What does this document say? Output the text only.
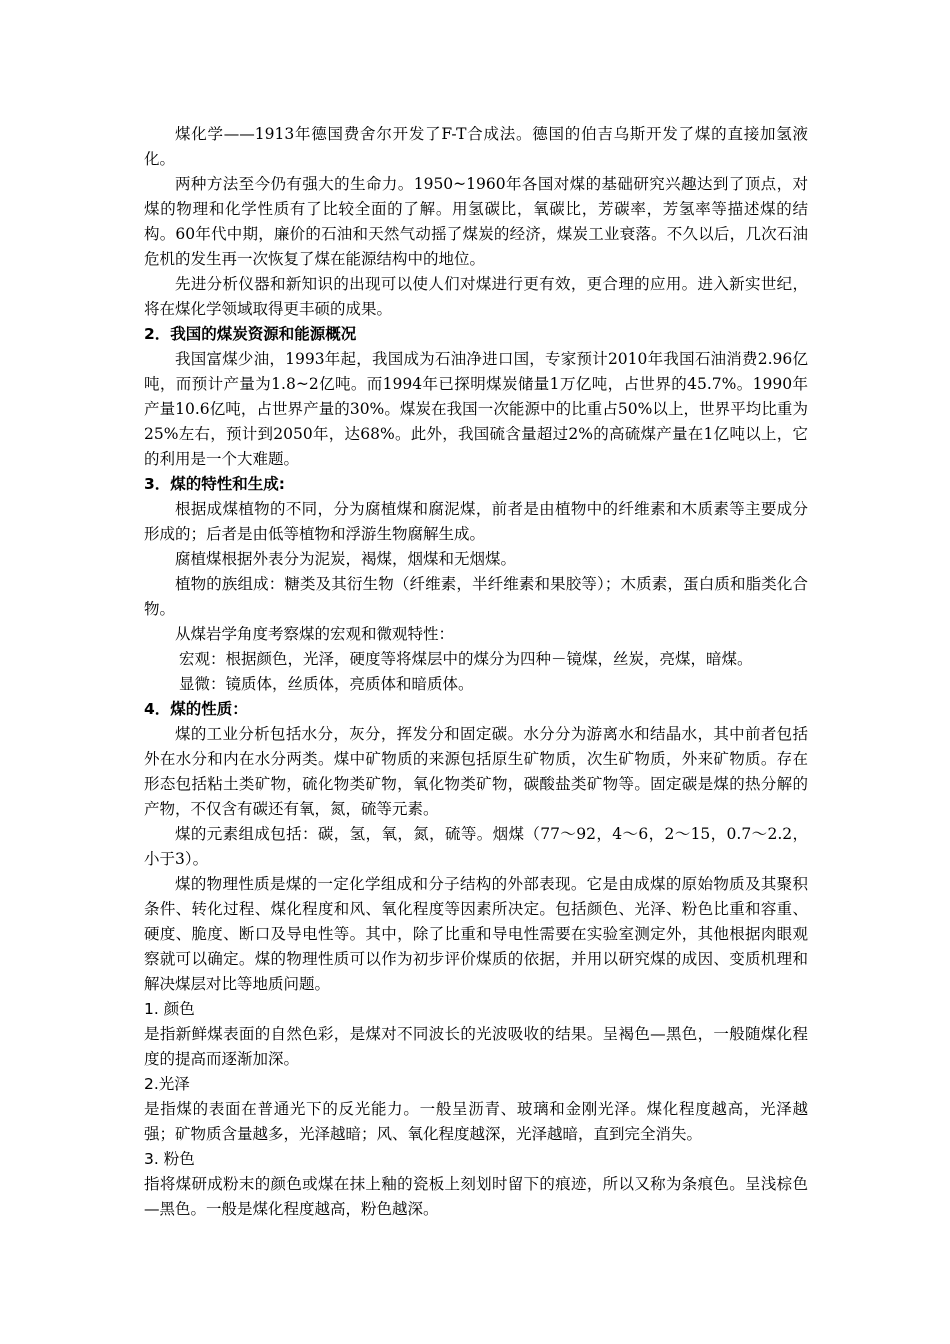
煤化学——1913年德国费舍尔开发了F-T合成法。德国的伯吉乌斯开发了煤的直接加氢液化。

两种方法至今仍有强大的生命力。1950~1960年各国对煤的基础研究兴趣达到了顶点，对煤的物理和化学性质有了比较全面的了解。用氢碳比，氧碳比，芳碳率，芳氢率等描述煤的结构。60年代中期，廉价的石油和天然气动摇了煤炭的经济，煤炭工业衰落。不久以后，几次石油危机的发生再一次恢复了煤在能源结构中的地位。

先进分析仪器和新知识的出现可以使人们对煤进行更有效，更合理的应用。进入新实世纪，将在煤化学领域取得更丰硕的成果。

2．我国的煤炭资源和能源概况

我国富煤少油，1993年起，我国成为石油净进口国，专家预计2010年我国石油消费2.96亿吨，而预计产量为1.8~2亿吨。而1994年已探明煤炭储量1万亿吨，占世界的45.7%。1990年产量10.6亿吨，占世界产量的30%。煤炭在我国一次能源中的比重占50%以上，世界平均比重为25%左右，预计到2050年，达68%。此外，我国硫含量超过2%的高硫煤产量在1亿吨以上，它的利用是一个大难题。

3．煤的特性和生成:

根据成煤植物的不同，分为腐植煤和腐泥煤，前者是由植物中的纤维素和木质素等主要成分形成的；后者是由低等植物和浮游生物腐解生成。

腐植煤根据外表分为泥炭，褐煤，烟煤和无烟煤。

植物的族组成：糖类及其衍生物（纤维素，半纤维素和果胶等）；木质素，蛋白质和脂类化合物。

从煤岩学角度考察煤的宏观和微观特性：

宏观：根据颜色，光泽，硬度等将煤层中的煤分为四种－镜煤，丝炭，亮煤，暗煤。

显微：镜质体，丝质体，亮质体和暗质体。

4．煤的性质：

煤的工业分析包括水分，灰分，挥发分和固定碳。水分分为游离水和结晶水，其中前者包括外在水分和内在水分两类。煤中矿物质的来源包括原生矿物质，次生矿物质，外来矿物质。存在形态包括粘土类矿物，硫化物类矿物，氧化物类矿物，碳酸盐类矿物等。固定碳是煤的热分解的产物，不仅含有碳还有氧，氮，硫等元素。

煤的元素组成包括：碳，氢，氧，氮，硫等。烟煤（77～92，4～6，2～15，0.7～2.2，小于3）。

煤的物理性质是煤的一定化学组成和分子结构的外部表现。它是由成煤的原始物质及其聚积条件、转化过程、煤化程度和风、氧化程度等因素所决定。包括颜色、光泽、粉色比重和容重、硬度、脆度、断口及导电性等。其中，除了比重和导电性需要在实验室测定外，其他根据肉眼观察就可以确定。煤的物理性质可以作为初步评价煤质的依据，并用以研究煤的成因、变质机理和解决煤层对比等地质问题。

1. 颜色

是指新鲜煤表面的自然色彩，是煤对不同波长的光波吸收的结果。呈褐色—黑色，一般随煤化程度的提高而逐渐加深。

2.光泽

是指煤的表面在普通光下的反光能力。一般呈沥青、玻璃和金刚光泽。煤化程度越高，光泽越强；矿物质含量越多，光泽越暗；风、氧化程度越深，光泽越暗，直到完全消失。

3. 粉色

指将煤研成粉末的颜色或煤在抹上釉的瓷板上刻划时留下的痕迹，所以又称为条痕色。呈浅棕色—黑色。一般是煤化程度越高，粉色越深。
